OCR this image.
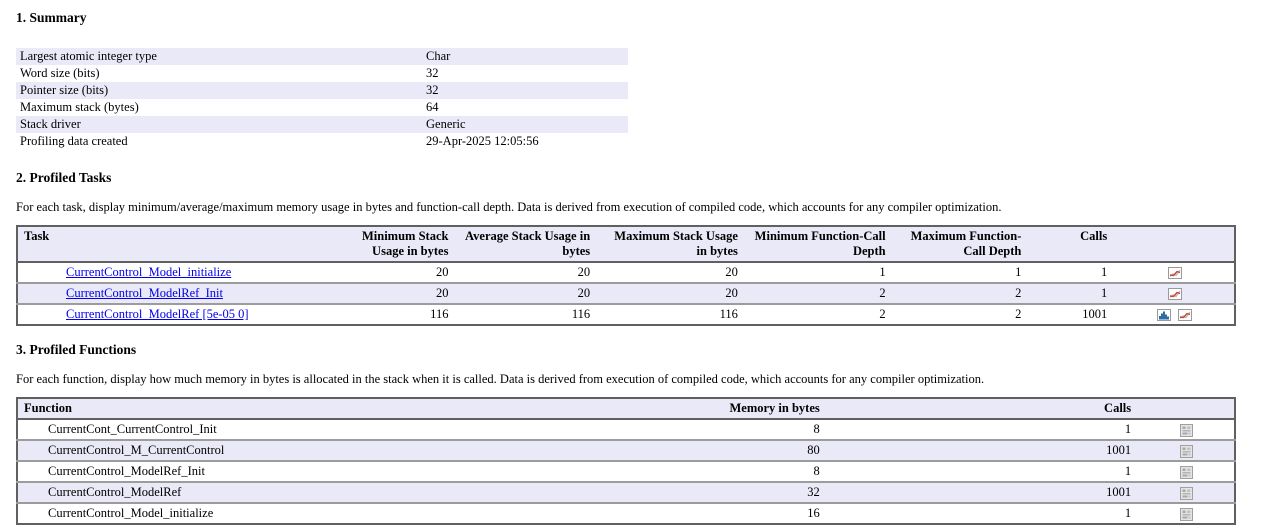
1. Summary
Largest atomic integer type	Char
Word size (bits)	32
Pointer size (bits)	32
Maximum stack (bytes)	64
Stack driver	Generic
Profiling data created	29-Apr-2025 12:05:56
2. Profiled Tasks

For each task, display minimum/average/maximum memory usage in bytes and function-call depth. Data is derived from execution of compiled code, which accounts for any compiler optimization.

Task	Minimum Stack Usage in bytes	Average Stack Usage in bytes	Maximum Stack Usage in bytes	Minimum Function-Call Depth	Maximum Function-Call Depth	Calls	
CurrentControl_Model_initialize	20	20	20	1	1	1	
CurrentControl_ModelRef_Init	20	20	20	2	2	1	
CurrentControl_ModelRef [5e-05 0]	116	116	116	2	2	1001	
3. Profiled Functions

For each function, display how much memory in bytes is allocated in the stack when it is called. Data is derived from execution of compiled code, which accounts for any compiler optimization.

Function	Memory in bytes	Calls	
CurrentCont_CurrentControl_Init	8	1	
CurrentControl_M_CurrentControl	80	1001	
CurrentControl_ModelRef_Init	8	1	
CurrentControl_ModelRef	32	1001	
CurrentControl_Model_initialize	16	1	
